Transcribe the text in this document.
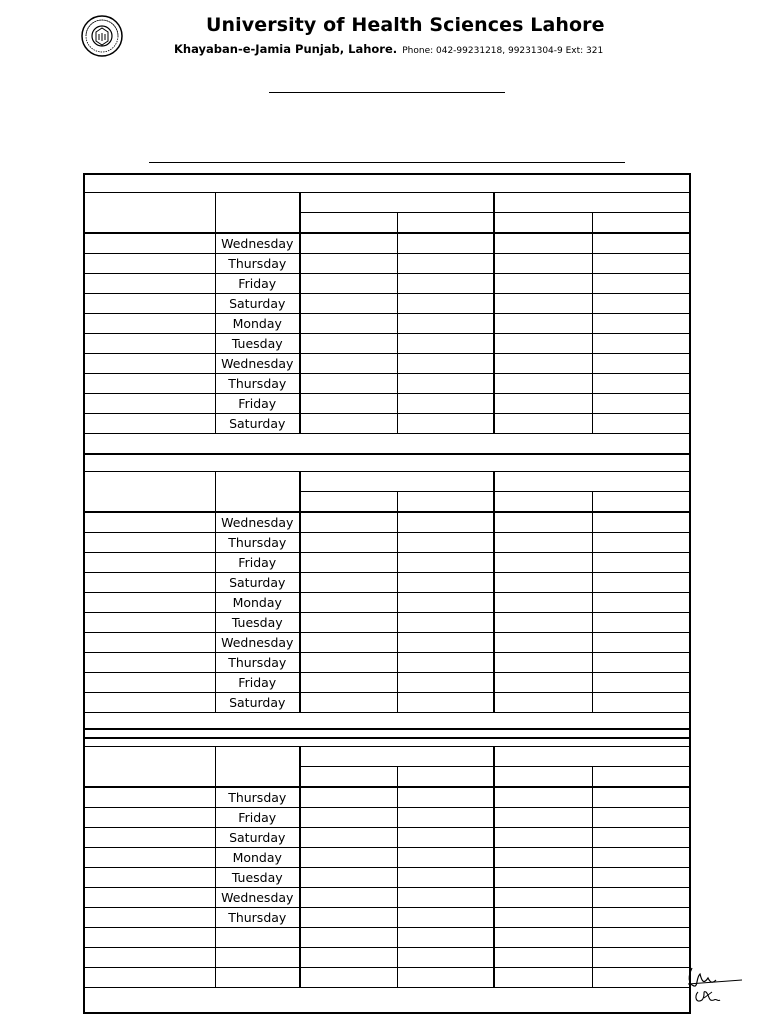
University of Health Sciences Lahore
Khayaban-e-Jamia Punjab, Lahore. Phone: 042-99231218, 99231304-9 Ext: 321

	Wednesday				
	Thursday				
	Friday				
	Saturday				
	Monday				
	Tuesday				
	Wednesday				
	Thursday				
	Friday				
	Saturday				

	Wednesday				
	Thursday				
	Friday				
	Saturday				
	Monday				
	Tuesday				
	Wednesday				
	Thursday				
	Friday				
	Saturday				

	Thursday				
	Friday				
	Saturday				
	Monday				
	Tuesday				
	Wednesday				
	Thursday				
